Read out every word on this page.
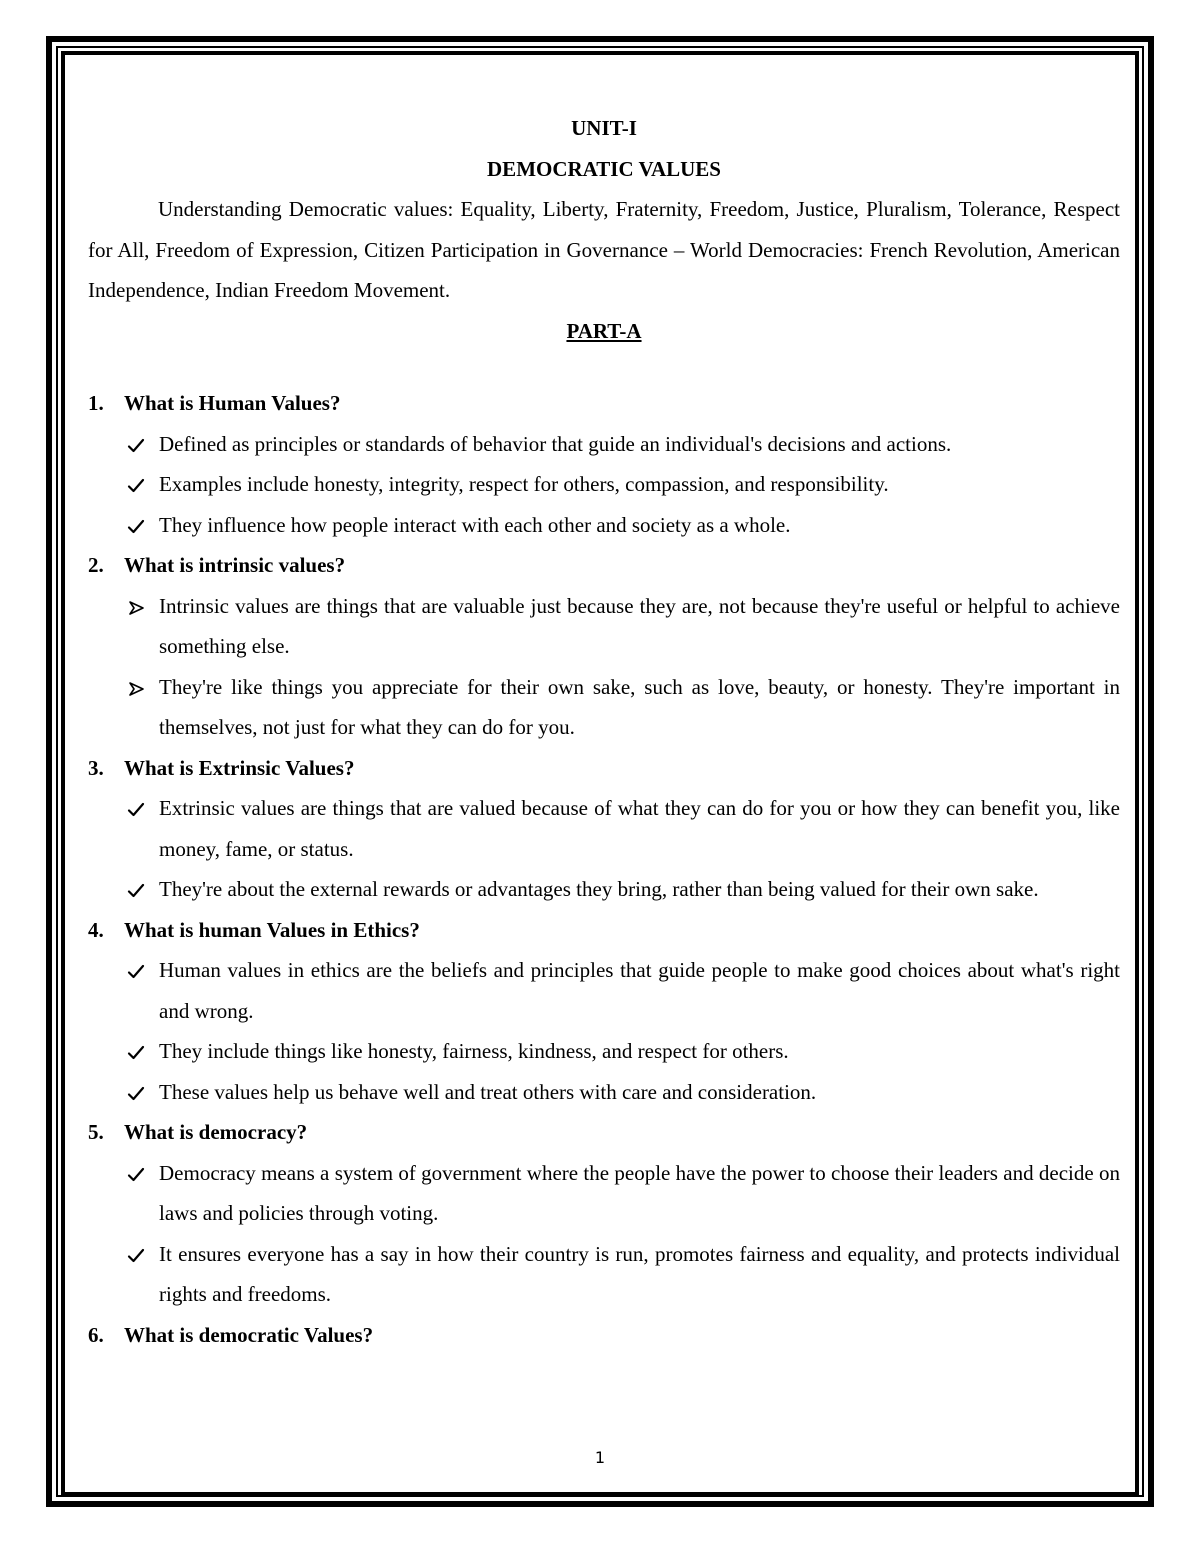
UNIT-I

DEMOCRATIC VALUES

Understanding Democratic values: Equality, Liberty, Fraternity, Freedom, Justice, Pluralism, Tolerance, Respect for All, Freedom of Expression, Citizen Participation in Governance – World Democracies: French Revolution, American Independence, Indian Freedom Movement.

PART-A

1. What is Human Values?

Defined as principles or standards of behavior that guide an individual's decisions and actions.

Examples include honesty, integrity, respect for others, compassion, and responsibility.

They influence how people interact with each other and society as a whole.

2. What is intrinsic values?

Intrinsic values are things that are valuable just because they are, not because they're useful or helpful to achieve something else.

They're like things you appreciate for their own sake, such as love, beauty, or honesty. They're important in themselves, not just for what they can do for you.

3. What is Extrinsic Values?

Extrinsic values are things that are valued because of what they can do for you or how they can benefit you, like money, fame, or status.

They're about the external rewards or advantages they bring, rather than being valued for their own sake.

4. What is human Values in Ethics?

Human values in ethics are the beliefs and principles that guide people to make good choices about what's right and wrong.

They include things like honesty, fairness, kindness, and respect for others.

These values help us behave well and treat others with care and consideration.

5. What is democracy?

Democracy means a system of government where the people have the power to choose their leaders and decide on laws and policies through voting.

It ensures everyone has a say in how their country is run, promotes fairness and equality, and protects individual rights and freedoms.

6. What is democratic Values?

1
